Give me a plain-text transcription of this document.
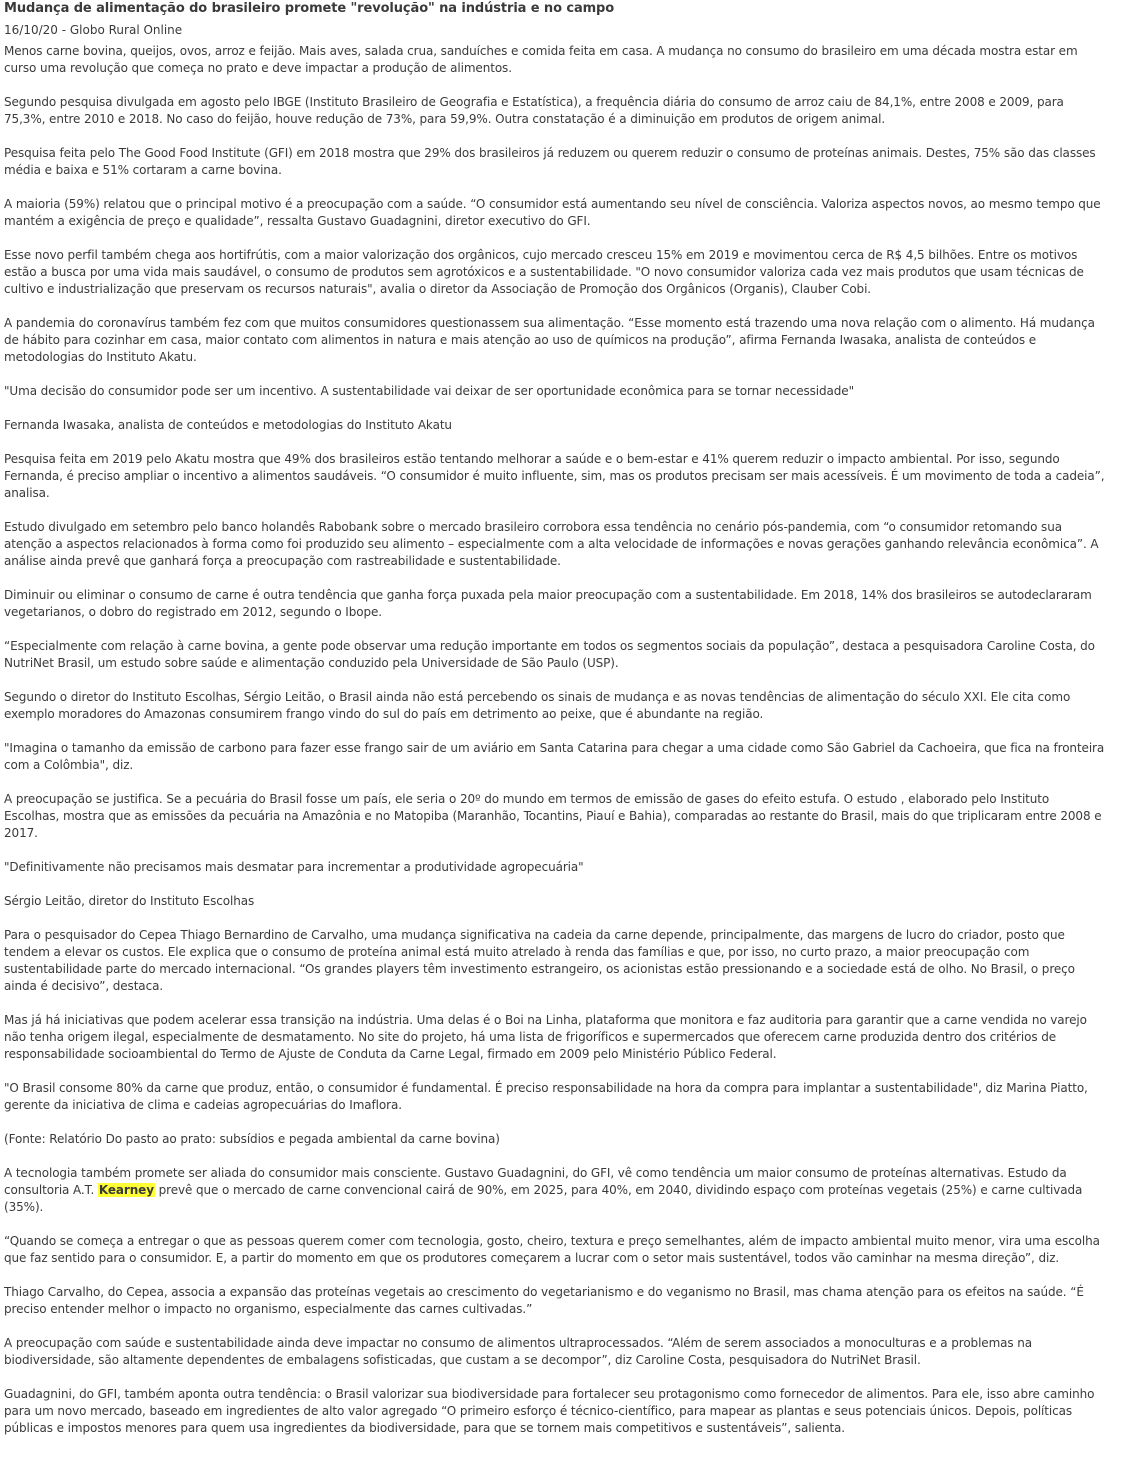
Mudança de alimentação do brasileiro promete "revolução" na indústria e no campo
16/10/20 - Globo Rural Online

Menos carne bovina, queijos, ovos, arroz e feijão. Mais aves, salada crua, sanduíches e comida feita em casa. A mudança no consumo do brasileiro em uma década mostra estar em curso uma revolução que começa no prato e deve impactar a produção de alimentos.

Segundo pesquisa divulgada em agosto pelo IBGE (Instituto Brasileiro de Geografia e Estatística), a frequência diária do consumo de arroz caiu de 84,1%, entre 2008 e 2009, para 75,3%, entre 2010 e 2018. No caso do feijão, houve redução de 73%, para 59,9%. Outra constatação é a diminuição em produtos de origem animal.

Pesquisa feita pelo The Good Food Institute (GFI) em 2018 mostra que 29% dos brasileiros já reduzem ou querem reduzir o consumo de proteínas animais. Destes, 75% são das classes média e baixa e 51% cortaram a carne bovina.

A maioria (59%) relatou que o principal motivo é a preocupação com a saúde. “O consumidor está aumentando seu nível de consciência. Valoriza aspectos novos, ao mesmo tempo que mantém a exigência de preço e qualidade”, ressalta Gustavo Guadagnini, diretor executivo do GFI.

Esse novo perfil também chega aos hortifrútis, com a maior valorização dos orgânicos, cujo mercado cresceu 15% em 2019 e movimentou cerca de R$ 4,5 bilhões. Entre os motivos estão a busca por uma vida mais saudável, o consumo de produtos sem agrotóxicos e a sustentabilidade. "O novo consumidor valoriza cada vez mais produtos que usam técnicas de cultivo e industrialização que preservam os recursos naturais", avalia o diretor da Associação de Promoção dos Orgânicos (Organis), Clauber Cobi.

A pandemia do coronavírus também fez com que muitos consumidores questionassem sua alimentação. “Esse momento está trazendo uma nova relação com o alimento. Há mudança de hábito para cozinhar em casa, maior contato com alimentos in natura e mais atenção ao uso de químicos na produção”, afirma Fernanda Iwasaka, analista de conteúdos e metodologias do Instituto Akatu.

"Uma decisão do consumidor pode ser um incentivo. A sustentabilidade vai deixar de ser oportunidade econômica para se tornar necessidade"

Fernanda Iwasaka, analista de conteúdos e metodologias do Instituto Akatu

Pesquisa feita em 2019 pelo Akatu mostra que 49% dos brasileiros estão tentando melhorar a saúde e o bem-estar e 41% querem reduzir o impacto ambiental. Por isso, segundo Fernanda, é preciso ampliar o incentivo a alimentos saudáveis. “O consumidor é muito influente, sim, mas os produtos precisam ser mais acessíveis. É um movimento de toda a cadeia”, analisa.

Estudo divulgado em setembro pelo banco holandês Rabobank sobre o mercado brasileiro corrobora essa tendência no cenário pós-pandemia, com “o consumidor retomando sua atenção a aspectos relacionados à forma como foi produzido seu alimento – especialmente com a alta velocidade de informações e novas gerações ganhando relevância econômica”. A análise ainda prevê que ganhará força a preocupação com rastreabilidade e sustentabilidade.

Diminuir ou eliminar o consumo de carne é outra tendência que ganha força puxada pela maior preocupação com a sustentabilidade. Em 2018, 14% dos brasileiros se autodeclararam vegetarianos, o dobro do registrado em 2012, segundo o Ibope.

“Especialmente com relação à carne bovina, a gente pode observar uma redução importante em todos os segmentos sociais da população”, destaca a pesquisadora Caroline Costa, do NutriNet Brasil, um estudo sobre saúde e alimentação conduzido pela Universidade de São Paulo (USP).

Segundo o diretor do Instituto Escolhas, Sérgio Leitão, o Brasil ainda não está percebendo os sinais de mudança e as novas tendências de alimentação do século XXI. Ele cita como exemplo moradores do Amazonas consumirem frango vindo do sul do país em detrimento ao peixe, que é abundante na região.

"Imagina o tamanho da emissão de carbono para fazer esse frango sair de um aviário em Santa Catarina para chegar a uma cidade como São Gabriel da Cachoeira, que fica na fronteira com a Colômbia", diz.

A preocupação se justifica. Se a pecuária do Brasil fosse um país, ele seria o 20º do mundo em termos de emissão de gases do efeito estufa. O estudo , elaborado pelo Instituto Escolhas, mostra que as emissões da pecuária na Amazônia e no Matopiba (Maranhão, Tocantins, Piauí e Bahia), comparadas ao restante do Brasil, mais do que triplicaram entre 2008 e 2017.

"Definitivamente não precisamos mais desmatar para incrementar a produtividade agropecuária"

Sérgio Leitão, diretor do Instituto Escolhas

Para o pesquisador do Cepea Thiago Bernardino de Carvalho, uma mudança significativa na cadeia da carne depende, principalmente, das margens de lucro do criador, posto que tendem a elevar os custos. Ele explica que o consumo de proteína animal está muito atrelado à renda das famílias e que, por isso, no curto prazo, a maior preocupação com sustentabilidade parte do mercado internacional. “Os grandes players têm investimento estrangeiro, os acionistas estão pressionando e a sociedade está de olho. No Brasil, o preço ainda é decisivo”, destaca.

Mas já há iniciativas que podem acelerar essa transição na indústria. Uma delas é o Boi na Linha, plataforma que monitora e faz auditoria para garantir que a carne vendida no varejo não tenha origem ilegal, especialmente de desmatamento. No site do projeto, há uma lista de frigoríficos e supermercados que oferecem carne produzida dentro dos critérios de responsabilidade socioambiental do Termo de Ajuste de Conduta da Carne Legal, firmado em 2009 pelo Ministério Público Federal.

"O Brasil consome 80% da carne que produz, então, o consumidor é fundamental. É preciso responsabilidade na hora da compra para implantar a sustentabilidade", diz Marina Piatto, gerente da iniciativa de clima e cadeias agropecuárias do Imaflora.

(Fonte: Relatório Do pasto ao prato: subsídios e pegada ambiental da carne bovina)

A tecnologia também promete ser aliada do consumidor mais consciente. Gustavo Guadagnini, do GFI, vê como tendência um maior consumo de proteínas alternativas. Estudo da consultoria A.T. Kearney prevê que o mercado de carne convencional cairá de 90%, em 2025, para 40%, em 2040, dividindo espaço com proteínas vegetais (25%) e carne cultivada (35%).

“Quando se começa a entregar o que as pessoas querem comer com tecnologia, gosto, cheiro, textura e preço semelhantes, além de impacto ambiental muito menor, vira uma escolha que faz sentido para o consumidor. E, a partir do momento em que os produtores começarem a lucrar com o setor mais sustentável, todos vão caminhar na mesma direção”, diz.

Thiago Carvalho, do Cepea, associa a expansão das proteínas vegetais ao crescimento do vegetarianismo e do veganismo no Brasil, mas chama atenção para os efeitos na saúde. “É preciso entender melhor o impacto no organismo, especialmente das carnes cultivadas.”

A preocupação com saúde e sustentabilidade ainda deve impactar no consumo de alimentos ultraprocessados. “Além de serem associados a monoculturas e a problemas na biodiversidade, são altamente dependentes de embalagens sofisticadas, que custam a se decompor”, diz Caroline Costa, pesquisadora do NutriNet Brasil.

Guadagnini, do GFI, também aponta outra tendência: o Brasil valorizar sua biodiversidade para fortalecer seu protagonismo como fornecedor de alimentos. Para ele, isso abre caminho para um novo mercado, baseado em ingredientes de alto valor agregado “O primeiro esforço é técnico-científico, para mapear as plantas e seus potenciais únicos. Depois, políticas públicas e impostos menores para quem usa ingredientes da biodiversidade, para que se tornem mais competitivos e sustentáveis”, salienta.
